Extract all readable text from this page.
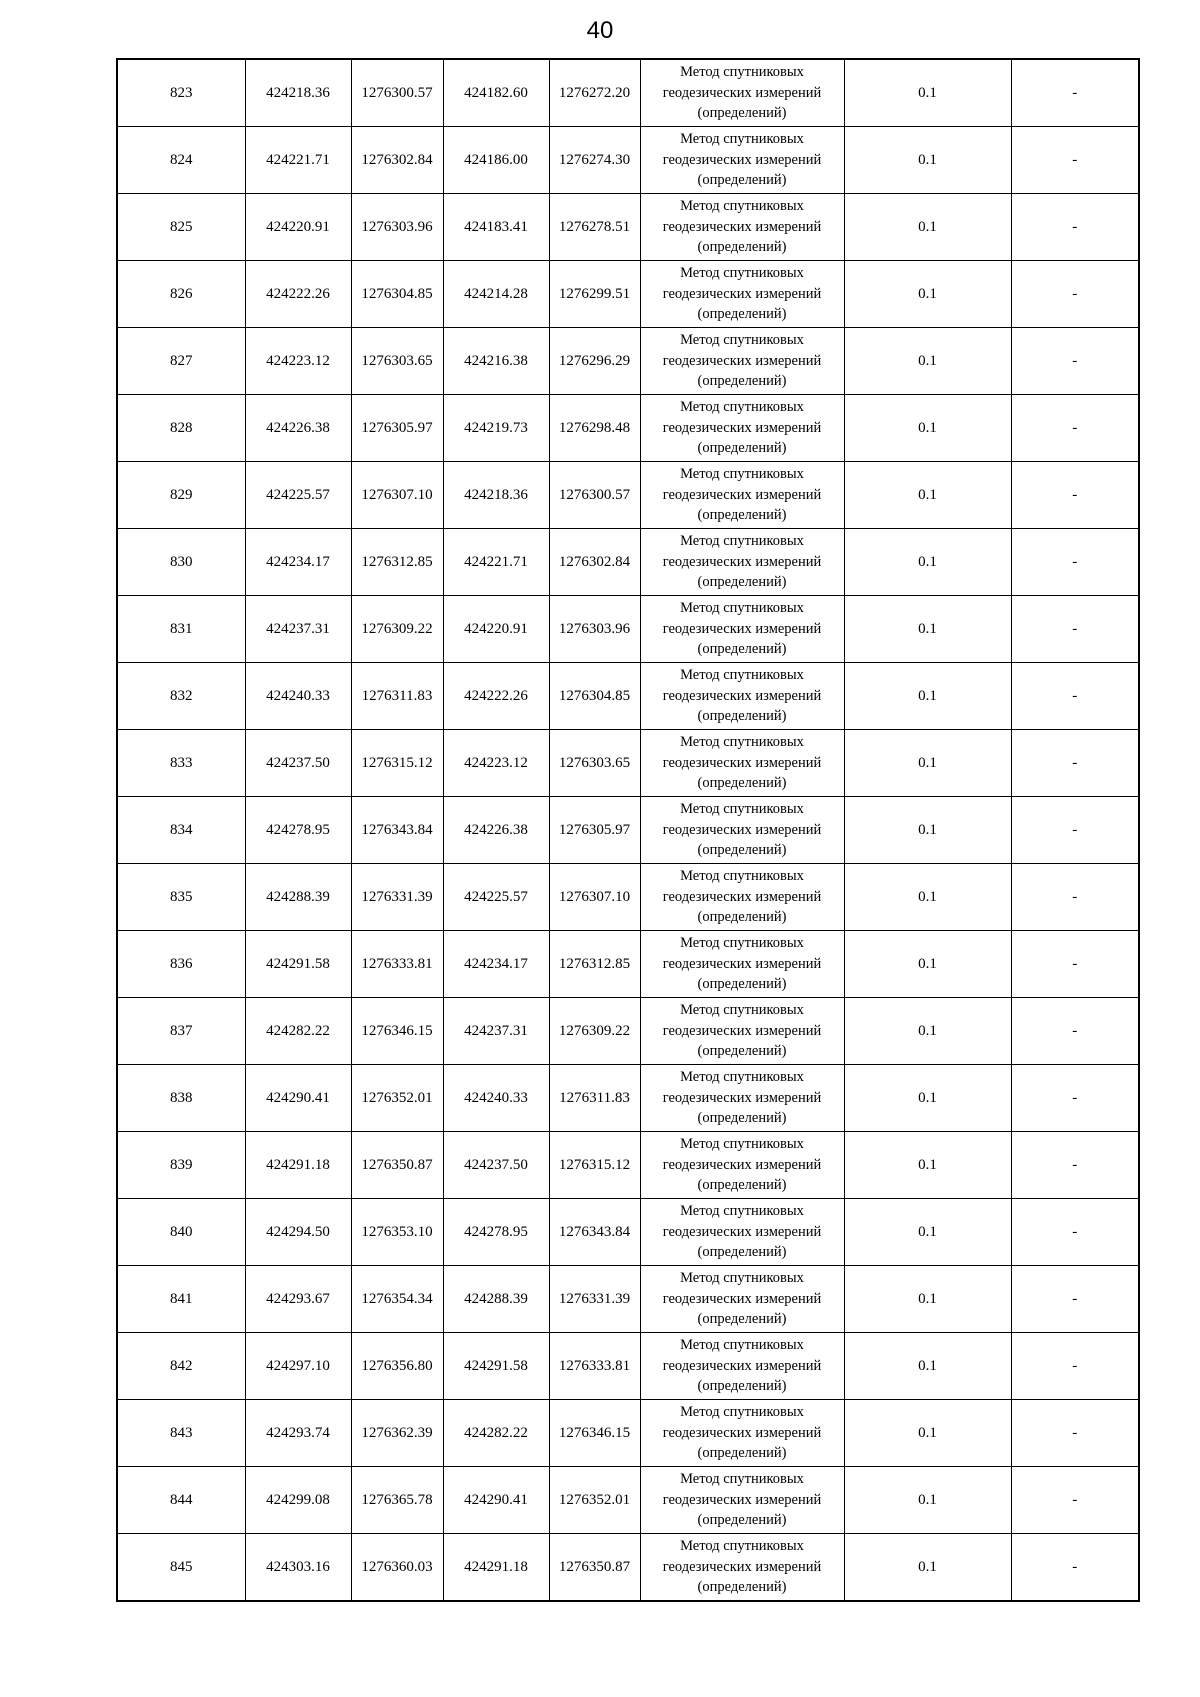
40
823	424218.36	1276300.57	424182.60	1276272.20	Метод спутниковых
геодезических измерений
(определений)	0.1	-
824	424221.71	1276302.84	424186.00	1276274.30	Метод спутниковых
геодезических измерений
(определений)	0.1	-
825	424220.91	1276303.96	424183.41	1276278.51	Метод спутниковых
геодезических измерений
(определений)	0.1	-
826	424222.26	1276304.85	424214.28	1276299.51	Метод спутниковых
геодезических измерений
(определений)	0.1	-
827	424223.12	1276303.65	424216.38	1276296.29	Метод спутниковых
геодезических измерений
(определений)	0.1	-
828	424226.38	1276305.97	424219.73	1276298.48	Метод спутниковых
геодезических измерений
(определений)	0.1	-
829	424225.57	1276307.10	424218.36	1276300.57	Метод спутниковых
геодезических измерений
(определений)	0.1	-
830	424234.17	1276312.85	424221.71	1276302.84	Метод спутниковых
геодезических измерений
(определений)	0.1	-
831	424237.31	1276309.22	424220.91	1276303.96	Метод спутниковых
геодезических измерений
(определений)	0.1	-
832	424240.33	1276311.83	424222.26	1276304.85	Метод спутниковых
геодезических измерений
(определений)	0.1	-
833	424237.50	1276315.12	424223.12	1276303.65	Метод спутниковых
геодезических измерений
(определений)	0.1	-
834	424278.95	1276343.84	424226.38	1276305.97	Метод спутниковых
геодезических измерений
(определений)	0.1	-
835	424288.39	1276331.39	424225.57	1276307.10	Метод спутниковых
геодезических измерений
(определений)	0.1	-
836	424291.58	1276333.81	424234.17	1276312.85	Метод спутниковых
геодезических измерений
(определений)	0.1	-
837	424282.22	1276346.15	424237.31	1276309.22	Метод спутниковых
геодезических измерений
(определений)	0.1	-
838	424290.41	1276352.01	424240.33	1276311.83	Метод спутниковых
геодезических измерений
(определений)	0.1	-
839	424291.18	1276350.87	424237.50	1276315.12	Метод спутниковых
геодезических измерений
(определений)	0.1	-
840	424294.50	1276353.10	424278.95	1276343.84	Метод спутниковых
геодезических измерений
(определений)	0.1	-
841	424293.67	1276354.34	424288.39	1276331.39	Метод спутниковых
геодезических измерений
(определений)	0.1	-
842	424297.10	1276356.80	424291.58	1276333.81	Метод спутниковых
геодезических измерений
(определений)	0.1	-
843	424293.74	1276362.39	424282.22	1276346.15	Метод спутниковых
геодезических измерений
(определений)	0.1	-
844	424299.08	1276365.78	424290.41	1276352.01	Метод спутниковых
геодезических измерений
(определений)	0.1	-
845	424303.16	1276360.03	424291.18	1276350.87	Метод спутниковых
геодезических измерений
(определений)	0.1	-
